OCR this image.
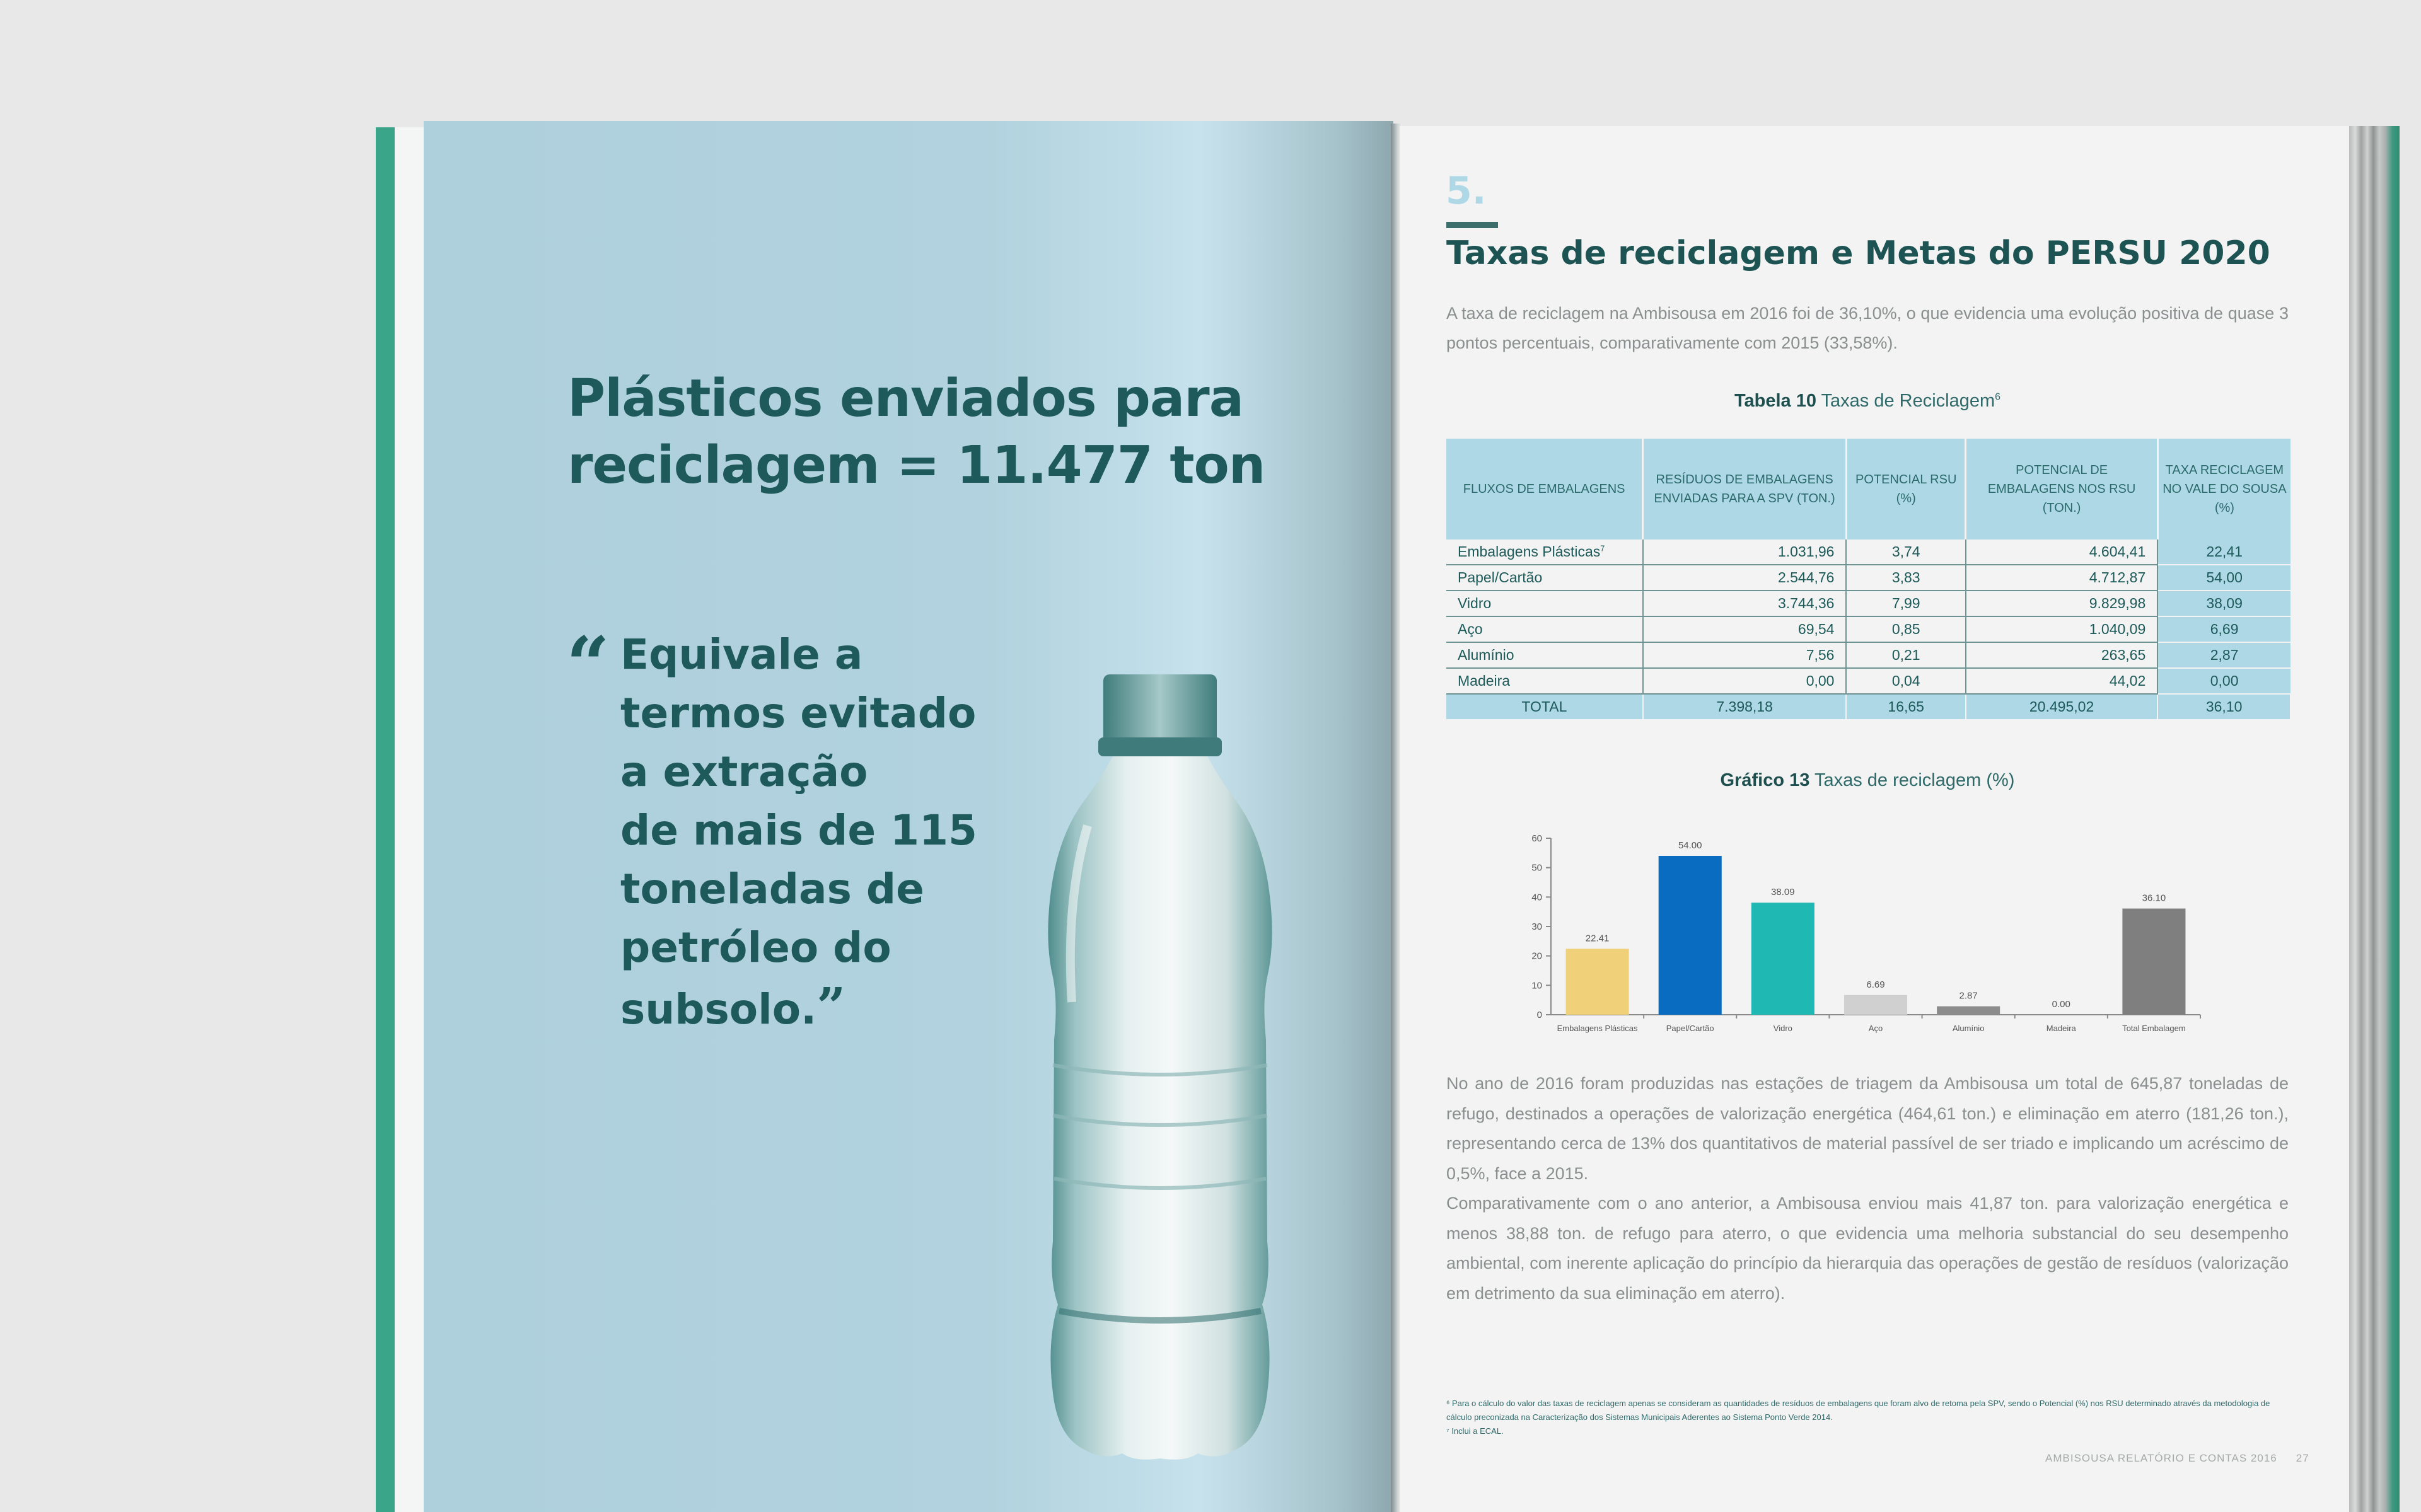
Plásticos enviados para
reciclagem = 11.477 ton
“ Equivale a
termos evitado
a extração
de mais de 115
toneladas de
petróleo do
subsolo.”
5.
Taxas de reciclagem e Metas do PERSU 2020
A taxa de reciclagem na Ambisousa em 2016 foi de 36,10%, o que evidencia uma evolução positiva de quase 3 pontos percentuais, comparativamente com 2015 (33,58%).
Tabela 10 Taxas de Reciclagem$^6$
FLUXOS DE EMBALAGENS	RESÍDUOS DE EMBALAGENS ENVIADAS PARA A SPV (TON.)	POTENCIAL RSU (%)	POTENCIAL DE EMBALAGENS NOS RSU (TON.)	TAXA RECICLAGEM NO VALE DO SOUSA (%)
Embalagens Plásticas$^7$	1.031,96	3,74	4.604,41	22,41
Papel/Cartão	2.544,76	3,83	4.712,87	54,00
Vidro	3.744,36	7,99	9.829,98	38,09
Aço	69,54	0,85	1.040,09	6,69
Alumínio	7,56	0,21	263,65	2,87
Madeira	0,00	0,04	44,02	0,00
TOTAL	7.398,18	16,65	20.495,02	36,10
Gráfico 13 Taxas de reciclagem (%)
0
10
20
30
40
50
60
22.41
Embalagens Plásticas
54.00
Papel/Cartão
38.09
Vidro
6.69
Aço
2.87
Alumínio
0.00
Madeira
36.10
Total Embalagem

No ano de 2016 foram produzidas nas estações de triagem da Ambisousa um total de 645,87 toneladas de refugo, destinados a operações de valorização energética (464,61 ton.) e eliminação em aterro (181,26 ton.), representando cerca de 13% dos quantitativos de material passível de ser triado e implicando um acréscimo de 0,5%, face a 2015.

Comparativamente com o ano anterior, a Ambisousa enviou mais 41,87 ton. para valorização energética e menos 38,88 ton. de refugo para aterro, o que evidencia uma melhoria substancial do seu desempenho ambiental, com inerente aplicação do princípio da hierarquia das operações de gestão de resíduos (valorização em detrimento da sua eliminação em aterro).

⁶ Para o cálculo do valor das taxas de reciclagem apenas se consideram as quantidades de resíduos de embalagens que foram alvo de retoma pela SPV, sendo o Potencial (%) nos RSU determinado através da metodologia de cálculo preconizada na Caracterização dos Sistemas Municipais Aderentes ao Sistema Ponto Verde 2014.

⁷ Inclui a ECAL.

AMBISOUSA RELATÓRIO E CONTAS 2016 27
